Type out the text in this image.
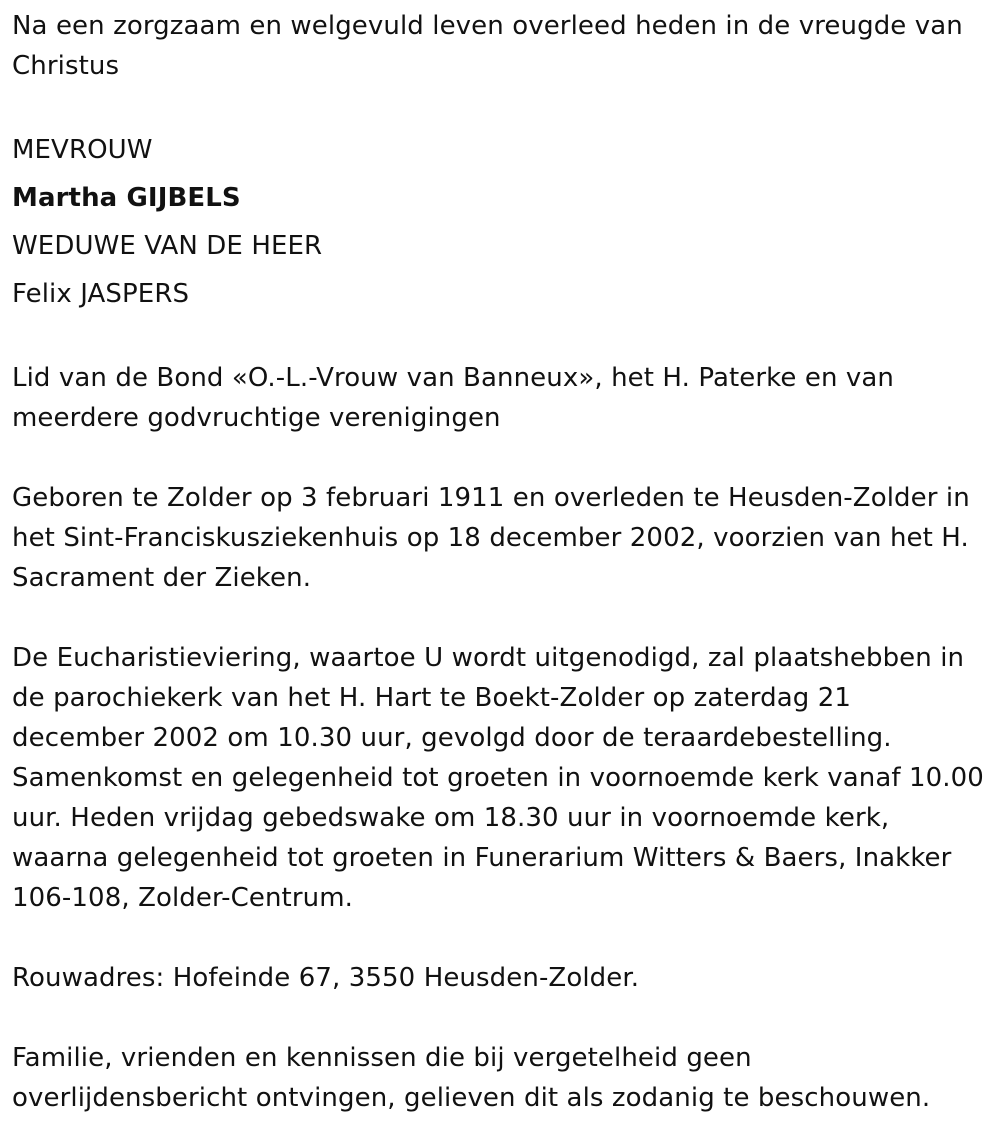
Na een zorgzaam en welgevuld leven overleed heden in de vreugde van Christus

MEVROUW

Martha GIJBELS

WEDUWE VAN DE HEER

Felix JASPERS

Lid van de Bond «O.-L.-Vrouw van Banneux», het H. Paterke en van meerdere godvruchtige verenigingen

Geboren te Zolder op 3 februari 1911 en overleden te Heusden-Zolder in het Sint-Franciskusziekenhuis op 18 december 2002, voorzien van het H. Sacrament der Zieken.

De Eucharistieviering, waartoe U wordt uitgenodigd, zal plaatshebben in de parochiekerk van het H. Hart te Boekt-Zolder op zaterdag 21 december 2002 om 10.30 uur, gevolgd door de teraardebestelling. Samenkomst en gelegenheid tot groeten in voornoemde kerk vanaf 10.00 uur. Heden vrijdag gebedswake om 18.30 uur in voornoemde kerk, waarna gelegenheid tot groeten in Funerarium Witters & Baers, Inakker 106-108, Zolder-Centrum.

Rouwadres: Hofeinde 67, 3550 Heusden-Zolder.

Familie, vrienden en kennissen die bij vergetelheid geen overlijdensbericht ontvingen, gelieven dit als zodanig te beschouwen.
